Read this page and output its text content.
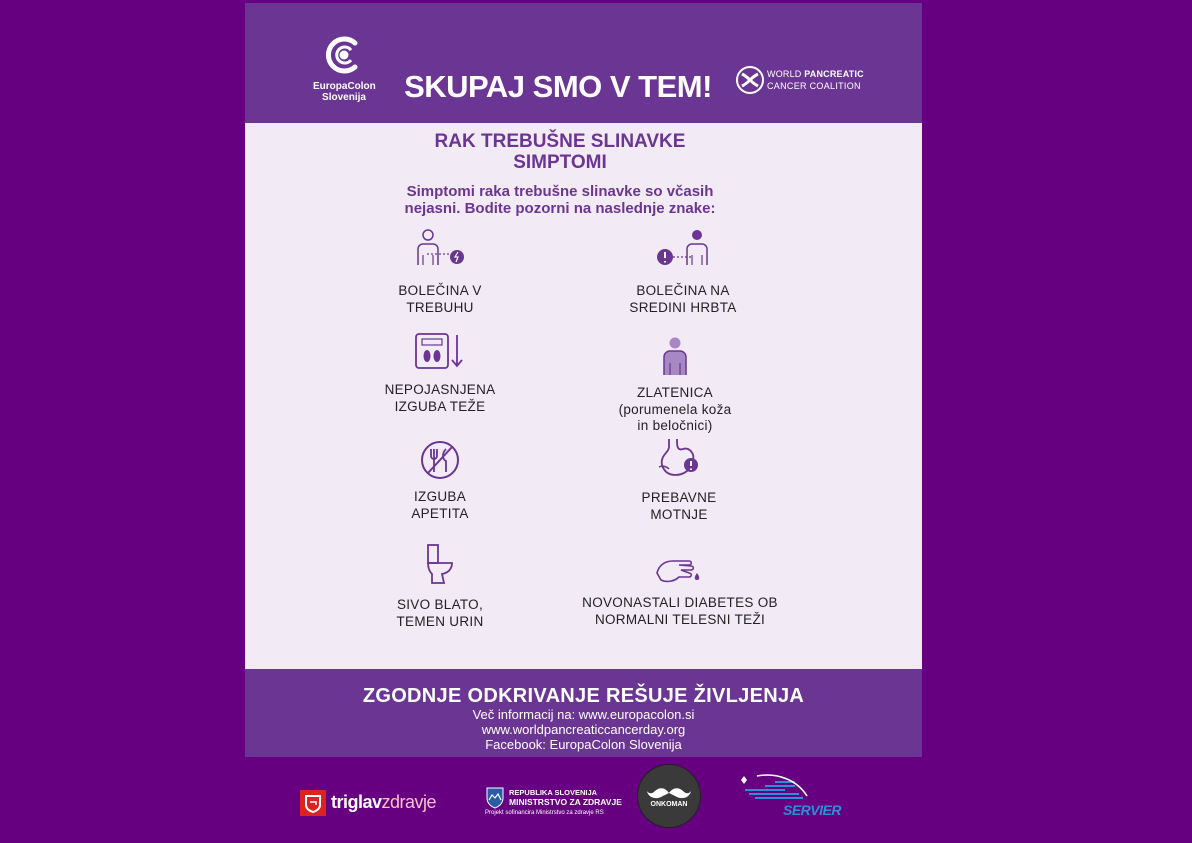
EuropaColon
Slovenija SKUPAJ SMO V TEM!	WORLD PANCREATIC
CANCER COALITION
RAK TREBUŠNE SLINAVKE
SIMPTOMI
Simptomi raka trebušne slinavke so včasih
nejasni. Bodite pozorni na naslednje znake:
BOLEČINA V
TREBUHU
BOLEČINA NA
SREDINI HRBTA
NEPOJASNJENA
IZGUBA TEŽE
ZLATENICA
(porumenela koža
in beločnici)
IZGUBA
APETITA
PREBAVNE
MOTNJE
SIVO BLATO,
TEMEN URIN
NOVONASTALI DIABETES OB
NORMALNI TELESNI TEŽI
ZGODNJE ODKRIVANJE REŠUJE ŽIVLJENJA
Več informacij na: www.europacolon.si
www.worldpancreaticcancerday.org
Facebook: EuropaColon Slovenija
triglavzdravje	REPUBLIKA SLOVENIJA
MINISTRSTVO ZA ZDRAVJE
Projekt sofinancira Ministrstvo za zdravje RS
ONKOMAN	SERVIER
